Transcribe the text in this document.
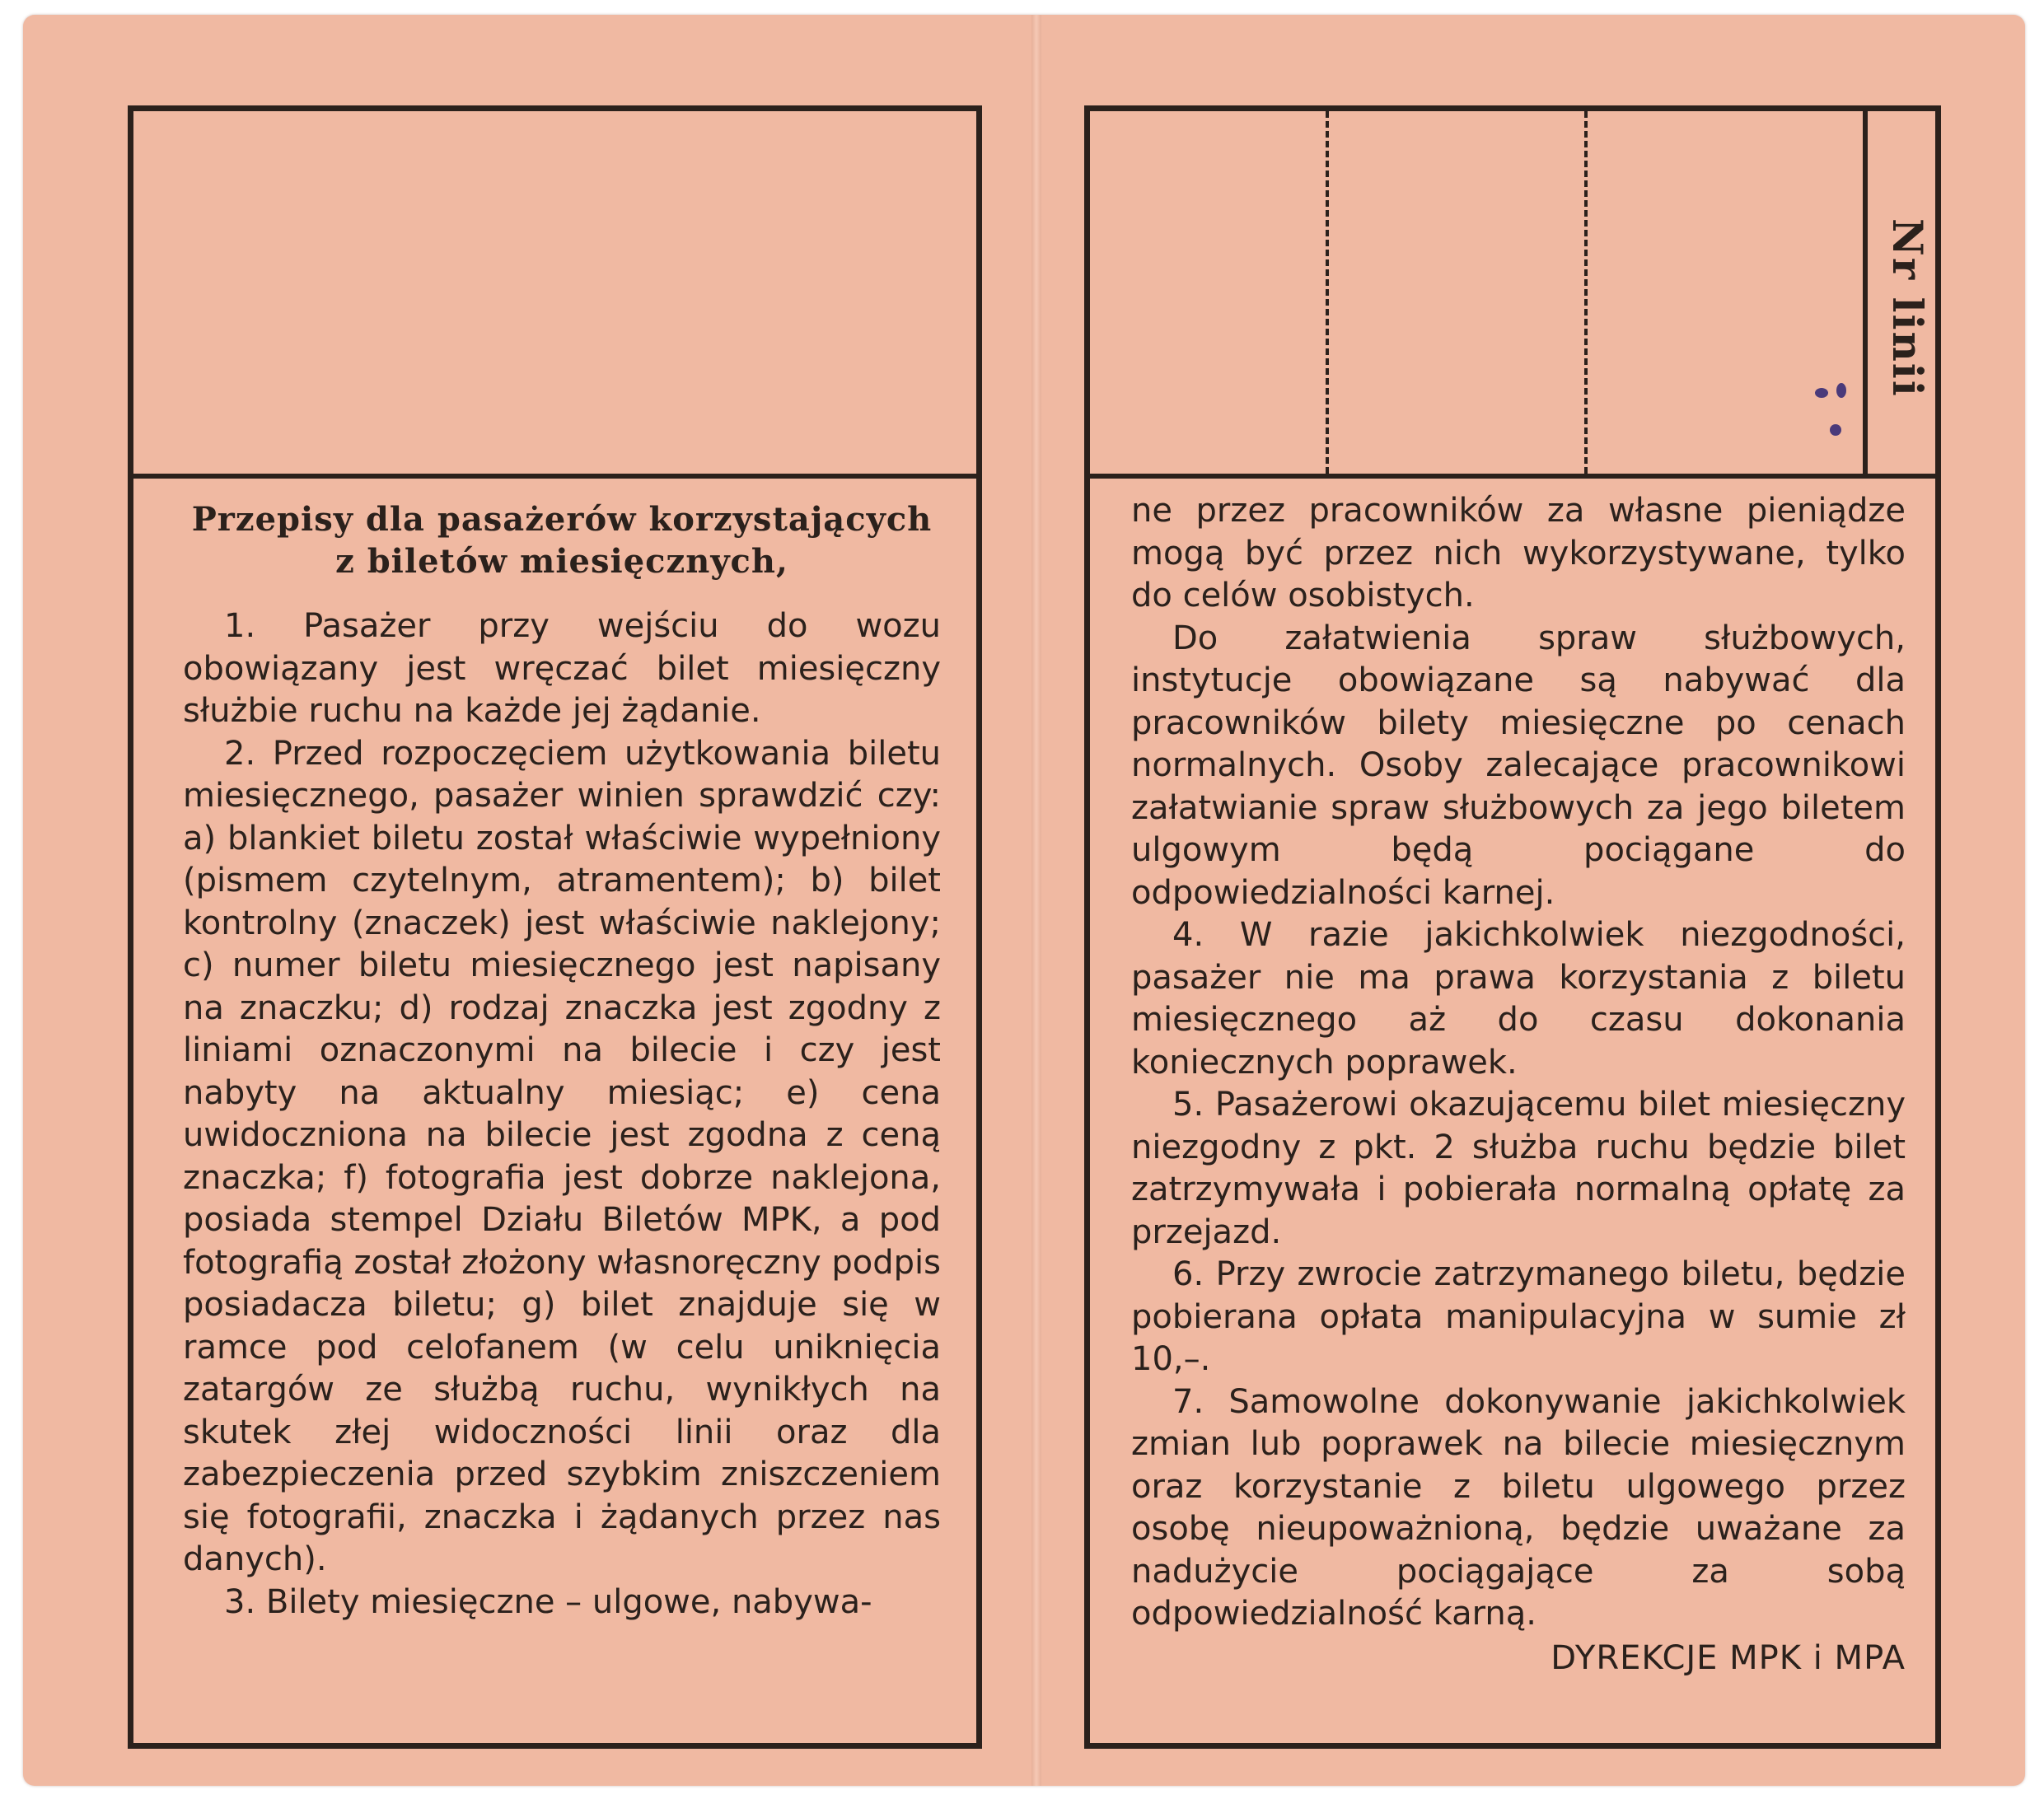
Przepisy dla pasażerów korzystających z biletów miesięcznych,

1. Pasażer przy wejściu do wozu obowiązany jest wręczać bilet miesięczny służbie ruchu na każde jej żądanie.

2. Przed rozpoczęciem użytkowania biletu miesięcznego, pasażer winien sprawdzić czy: a) blankiet biletu został właściwie wypełniony (pismem czytelnym, atramentem); b) bilet kontrolny (znaczek) jest właściwie naklejony; c) numer biletu miesięcznego jest napisany na znaczku; d) rodzaj znaczka jest zgodny z liniami oznaczonymi na bilecie i czy jest nabyty na aktualny miesiąc; e) cena uwidoczniona na bilecie jest zgodna z ceną znaczka; f) fotografia jest dobrze naklejona, posiada stempel Działu Biletów MPK, a pod fotografią został złożony własnoręczny podpis posiadacza biletu; g) bilet znajduje się w ramce pod celofanem (w celu uniknięcia zatargów ze służbą ruchu, wynikłych na skutek złej widoczności linii oraz dla zabezpieczenia przed szybkim zniszczeniem się fotografii, znaczka i żądanych przez nas danych).

3. Bilety miesięczne – ulgowe, nabywa-

Nr linii

ne przez pracowników za własne pieniądze mogą być przez nich wykorzystywane, tylko do celów osobistych.

Do załatwienia spraw służbowych, instytucje obowiązane są nabywać dla pracowników bilety miesięczne po cenach normalnych. Osoby zalecające pracownikowi załatwianie spraw służbowych za jego biletem ulgowym będą pociągane do odpowiedzialności karnej.

4. W razie jakichkolwiek niezgodności, pasażer nie ma prawa korzystania z biletu miesięcznego aż do czasu dokonania koniecznych poprawek.

5. Pasażerowi okazującemu bilet miesięczny niezgodny z pkt. 2 służba ruchu będzie bilet zatrzymywała i pobierała normalną opłatę za przejazd.

6. Przy zwrocie zatrzymanego biletu, będzie pobierana opłata manipulacyjna w sumie zł 10,–.

7. Samowolne dokonywanie jakichkolwiek zmian lub poprawek na bilecie miesięcznym oraz korzystanie z biletu ulgowego przez osobę nieupoważnioną, będzie uważane za nadużycie pociągające za sobą odpowiedzialność karną.

DYREKCJE MPK i MPA
